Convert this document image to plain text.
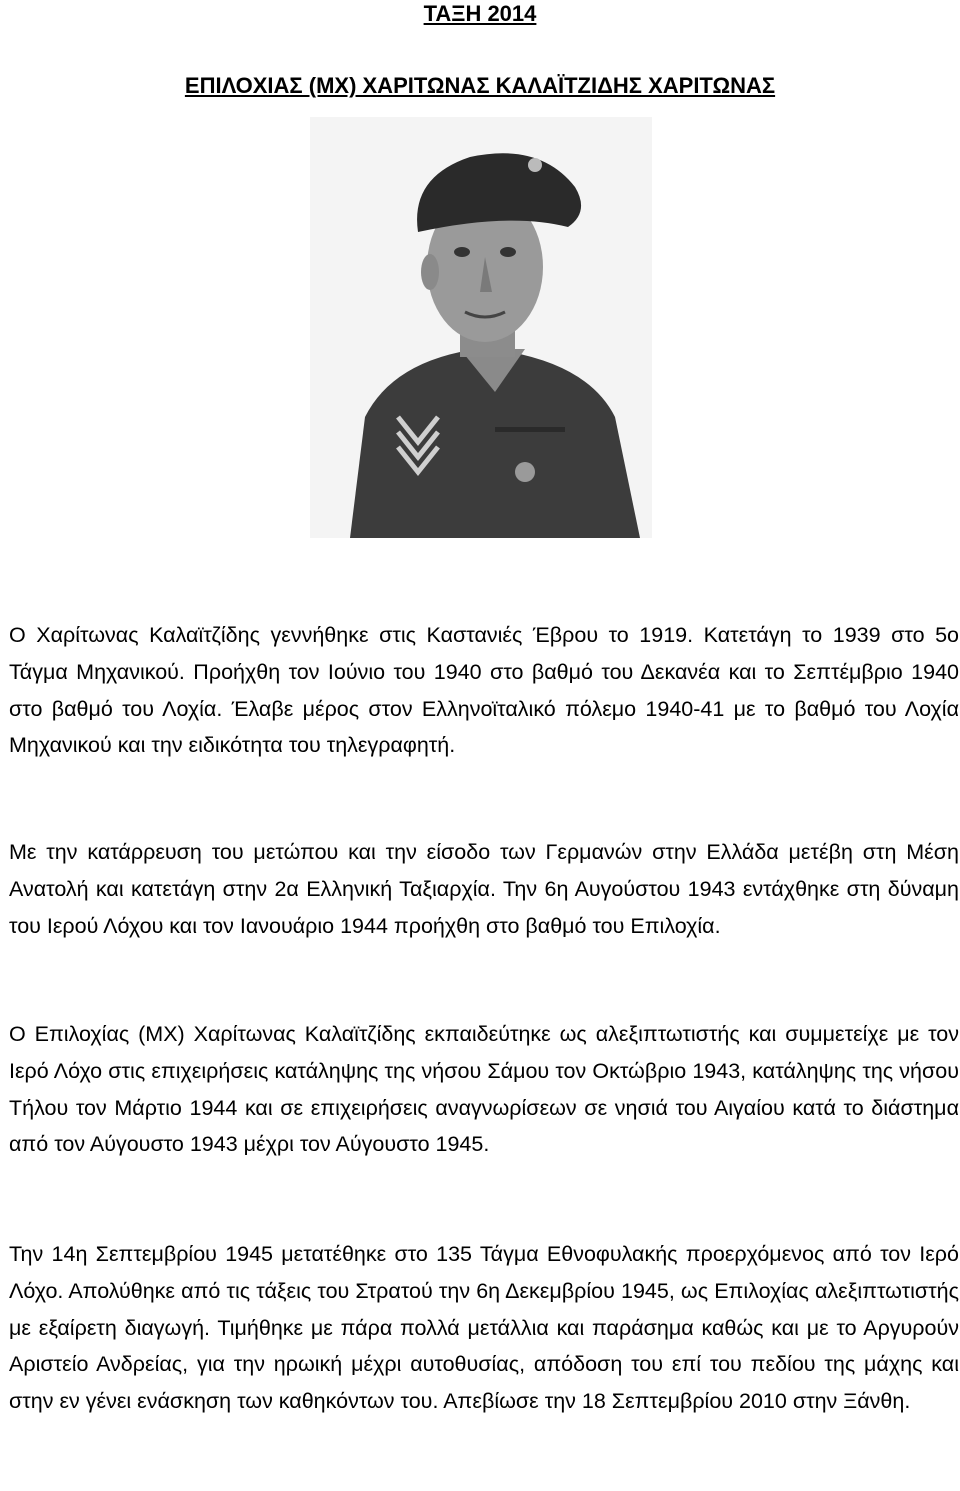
ΤΑΞΗ 2014
ΕΠΙΛΟΧΙΑΣ (ΜΧ) ΧΑΡΙΤΩΝΑΣ ΚΑΛΑΪΤΖΙΔΗΣ ΧΑΡΙΤΩΝΑΣ

Ο Χαρίτωνας Καλαϊτζίδης γεννήθηκε στις Καστανιές Έβρου το 1919. Κατετάγη το 1939 στο 5ο Τάγμα Μηχανικού. Προήχθη τον Ιούνιο του 1940 στο βαθμό του Δεκανέα και το Σεπτέμβριο 1940 στο βαθμό του Λοχία. Έλαβε μέρος στον Ελληνοϊταλικό πόλεμο 1940-41 με το βαθμό του Λοχία Μηχανικού και την ειδικότητα του τηλεγραφητή.

Με την κατάρρευση του μετώπου και την είσοδο των Γερμανών στην Ελλάδα μετέβη στη Μέση Ανατολή και κατετάγη στην 2α Ελληνική Ταξιαρχία. Την 6η Αυγούστου 1943 εντάχθηκε στη δύναμη του Ιερού Λόχου και τον Ιανουάριο 1944 προήχθη στο βαθμό του Επιλοχία.

Ο Επιλοχίας (ΜΧ) Χαρίτωνας Καλαϊτζίδης εκπαιδεύτηκε ως αλεξιπτωτιστής και συμμετείχε με τον Ιερό Λόχο στις επιχειρήσεις κατάληψης της νήσου Σάμου τον Οκτώβριο 1943, κατάληψης της νήσου Τήλου τον Μάρτιο 1944 και σε επιχειρήσεις αναγνωρίσεων σε νησιά του Αιγαίου κατά το διάστημα από τον Αύγουστο 1943 μέχρι τον Αύγουστο 1945.

Την 14η Σεπτεμβρίου 1945 μετατέθηκε στο 135 Τάγμα Εθνοφυλακής προερχόμενος από τον Ιερό Λόχο. Απολύθηκε από τις τάξεις του Στρατού την 6η Δεκεμβρίου 1945, ως Επιλοχίας αλεξιπτωτιστής με εξαίρετη διαγωγή. Τιμήθηκε με πάρα πολλά μετάλλια και παράσημα καθώς και με το Αργυρούν Αριστείο Ανδρείας, για την ηρωική μέχρι αυτοθυσίας, απόδοση του επί του πεδίου της μάχης και στην εν γένει ενάσκηση των καθηκόντων του. Απεβίωσε την 18 Σεπτεμβρίου 2010 στην Ξάνθη.
